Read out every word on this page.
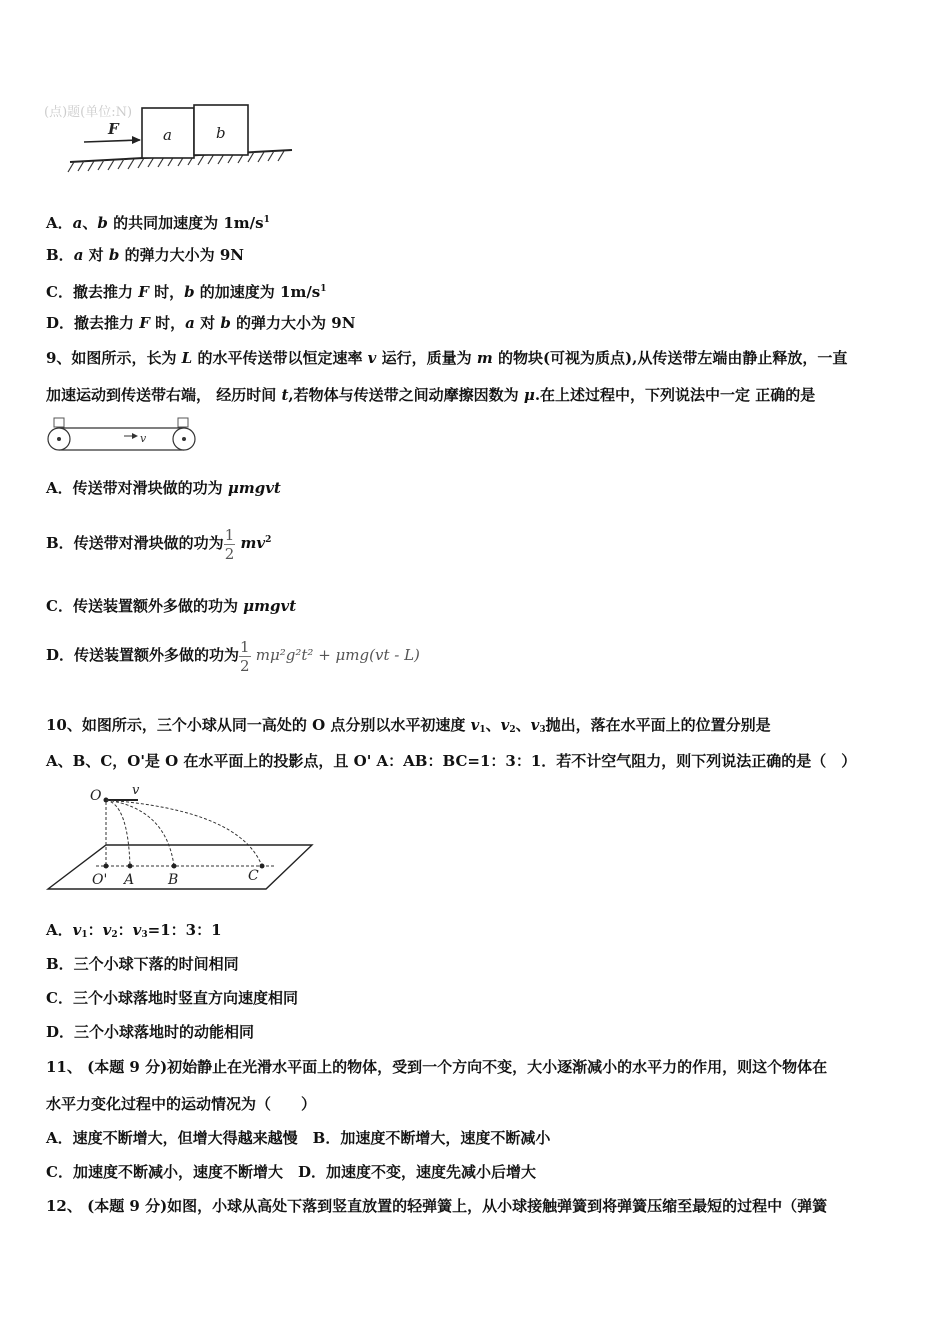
(点)题(单位:N)
F	a	b
A．a、b 的共同加速度为 $1m/s^1$
B．a 对 b 的弹力大小为 9N
C．撤去推力 F 时，b 的加速度为 $1m/s^1$
D．撤去推力 F 时，a 对 b 的弹力大小为 9N
9、如图所示，长为 L 的水平传送带以恒定速率 v 运行，质量为 m 的物块(可视为质点),从传送带左端由静止释放，一直
加速运动到传送带右端， 经历时间 t,若物体与传送带之间动摩擦因数为 μ.在上述过程中，下列说法中一定 正确的是
v
A．传送带对滑块做的功为 μmgvt
B．传送带对滑块做的功为 $\frac{1}{2} mv^2$
C．传送装置额外多做的功为 μmgvt
D．传送装置额外多做的功为 $\frac{1}{2} m\mu^2g^2t^2 + \mu mg(vt - L)$
10、如图所示，三个小球从同一高处的 O 点分别以水平初速度 $v_1$、$v_2$、$v_3$抛出，落在水平面上的位置分别是
A、B、C，O'是 O 在水平面上的投影点，且 O' A：AB：BC=1：3：1．若不计空气阻力，则下列说法正确的是（　）
O v
O' A B	C
A．$v_1$：$v_2$：$v_3=1$：3：1
B．三个小球下落的时间相同
C．三个小球落地时竖直方向速度相同
D．三个小球落地时的动能相同
11、 (本题 9 分)初始静止在光滑水平面上的物体，受到一个方向不变，大小逐渐减小的水平力的作用，则这个物体在
水平力变化过程中的运动情况为（　　）
A．速度不断增大，但增大得越来越慢　B．加速度不断增大，速度不断减小
C．加速度不断减小，速度不断增大　D．加速度不变，速度先减小后增大
12、 (本题 9 分)如图，小球从高处下落到竖直放置的轻弹簧上，从小球接触弹簧到将弹簧压缩至最短的过程中（弹簧
